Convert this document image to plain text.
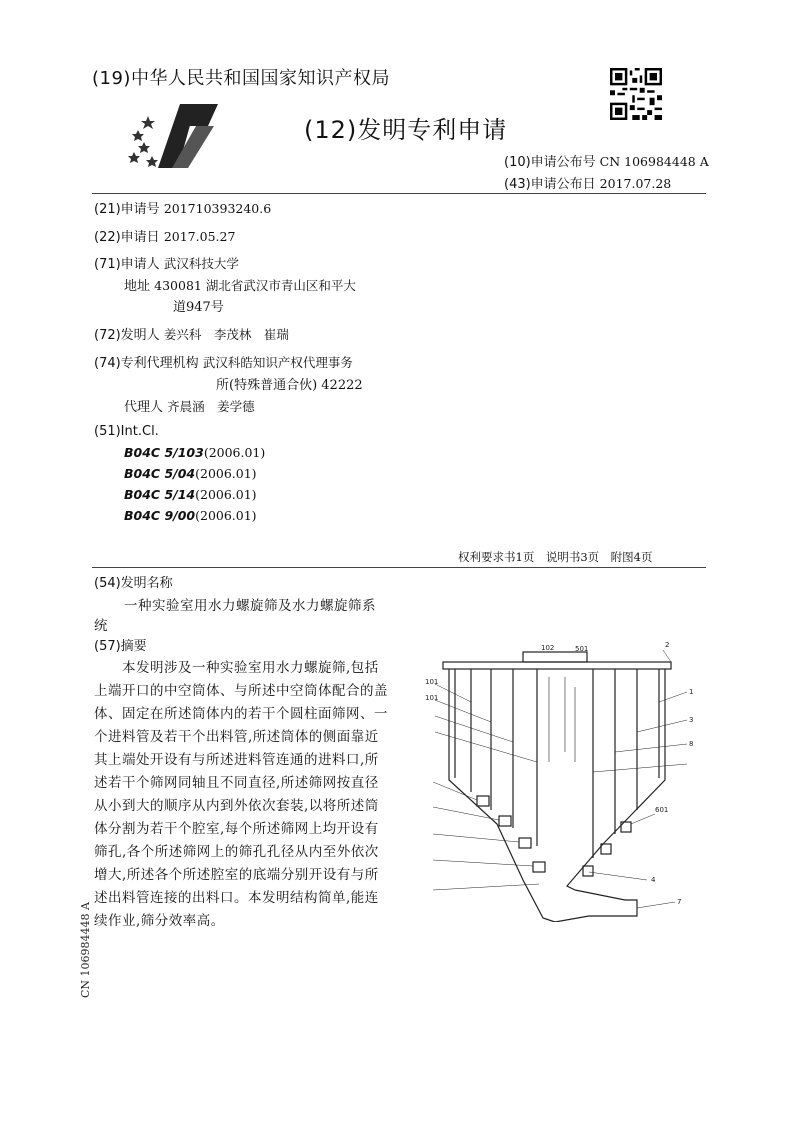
(19)中华人民共和国国家知识产权局
(12)发明专利申请
(10)申请公布号 CN 106984448 A
(43)申请公布日 2017.07.28
(21)申请号 201710393240.6
(22)申请日 2017.05.27
(71)申请人 武汉科技大学
地址 430081 湖北省武汉市青山区和平大
道947号
(72)发明人 姜兴科　李茂林　崔瑞
(74)专利代理机构 武汉科皓知识产权代理事务
所(特殊普通合伙) 42222
代理人 齐晨涵　姜学德
(51)Int.Cl.
B04C 5/103(2006.01)
B04C 5/04(2006.01)
B04C 5/14(2006.01)
B04C 9/00(2006.01)
权利要求书1页　说明书3页　附图4页
(54)发明名称
一种实验室用水力螺旋筛及水力螺旋筛系
统
(57)摘要
本发明涉及一种实验室用水力螺旋筛,包括
上端开口的中空筒体、与所述中空筒体配合的盖
体、固定在所述筒体内的若干个圆柱面筛网、一
个进料管及若干个出料管,所述筒体的侧面靠近
其上端处开设有与所述进料管连通的进料口,所
述若干个筛网同轴且不同直径,所述筛网按直径
从小到大的顺序从内到外依次套装,以将所述筒
体分割为若干个腔室,每个所述筛网上均开设有
筛孔,各个所述筛网上的筛孔孔径从内至外依次
增大,所述各个所述腔室的底端分别开设有与所
述出料管连接的出料口。本发明结构简单,能连
续作业,筛分效率高。
102	501	2
101
101
1
3
8
601
4
7
CN 106984448 A
